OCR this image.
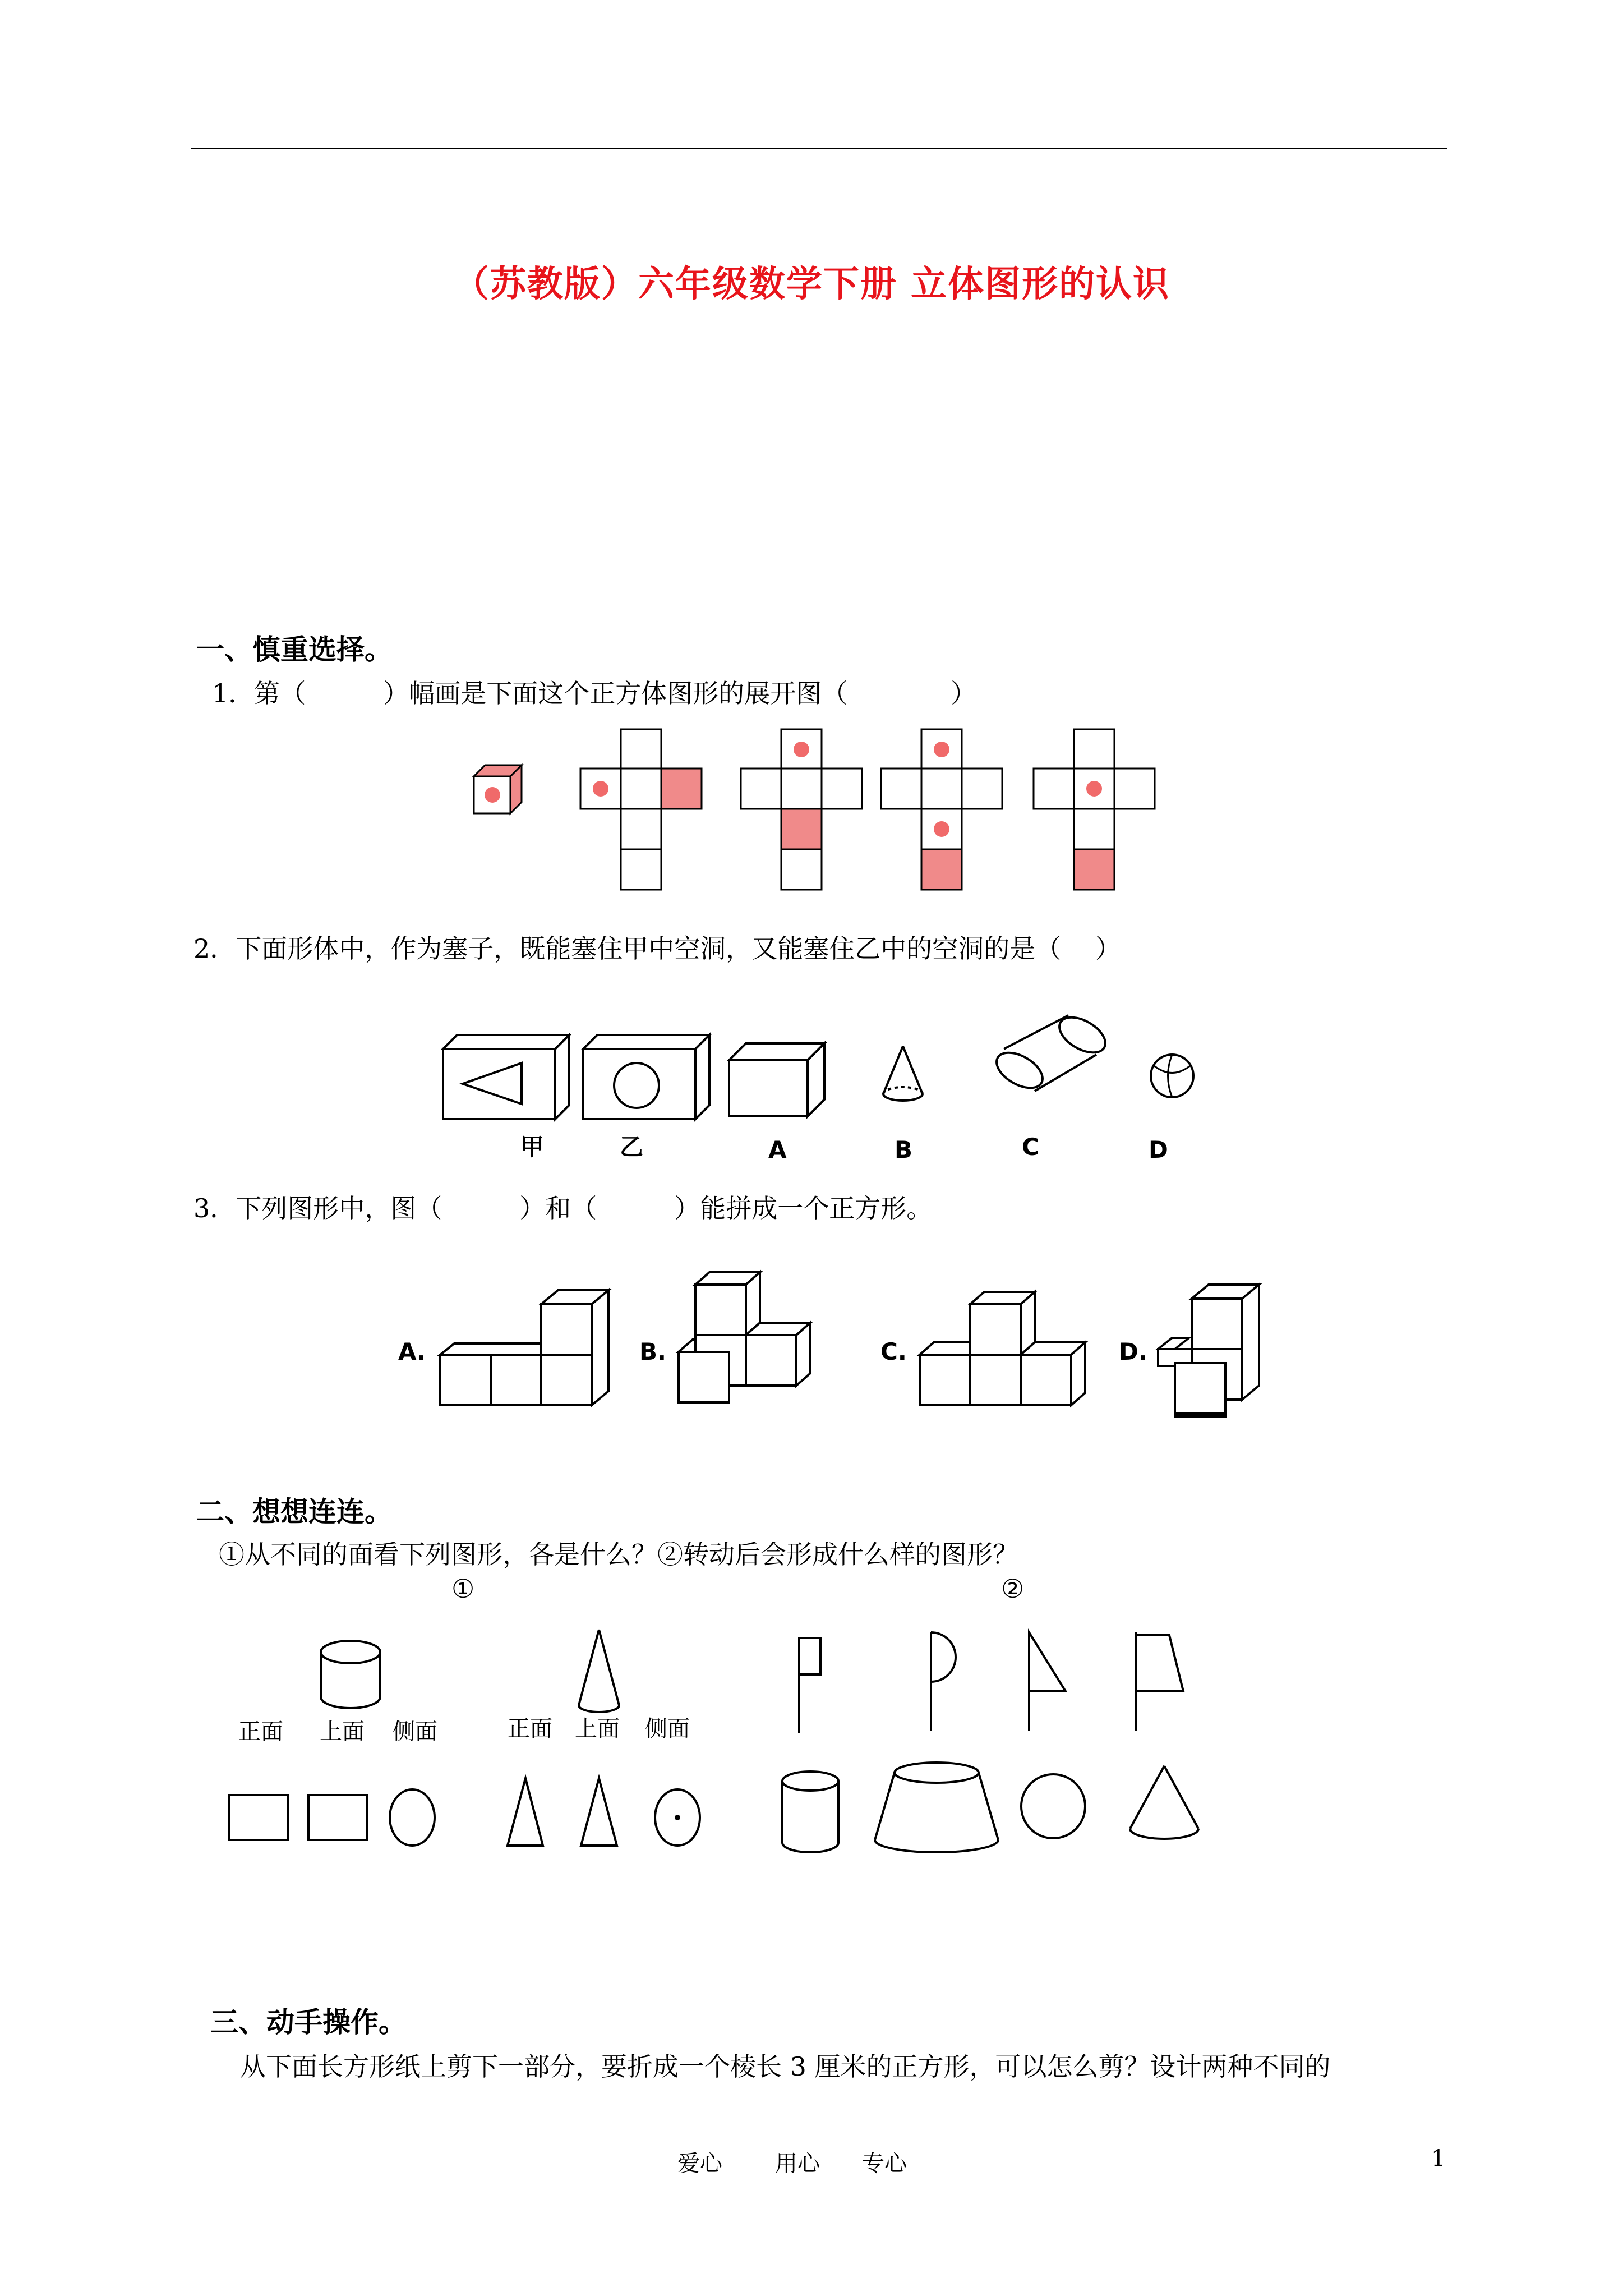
（苏教版）六年级数学下册 立体图形的认识
一、慎重选择。
1．第（　　　）幅画是下面这个正方体图形的展开图（　　　　）
2．下面形体中，作为塞子，既能塞住甲中空洞，又能塞住乙中的空洞的是（　 ）
甲	乙	A	B	C	D
3．下列图形中，图（　　　）和（　　　）能拼成一个正方形。
A.	B.	C.	D.
二、想想连连。
①从不同的面看下列图形，各是什么？②转动后会形成什么样的图形？
①	②
正面 上面 侧面	正面 上面 侧面
三、动手操作。
从下面长方形纸上剪下一部分，要折成一个棱长 3 厘米的正方形，可以怎么剪？设计两种不同的
爱心 用心 专心	1
